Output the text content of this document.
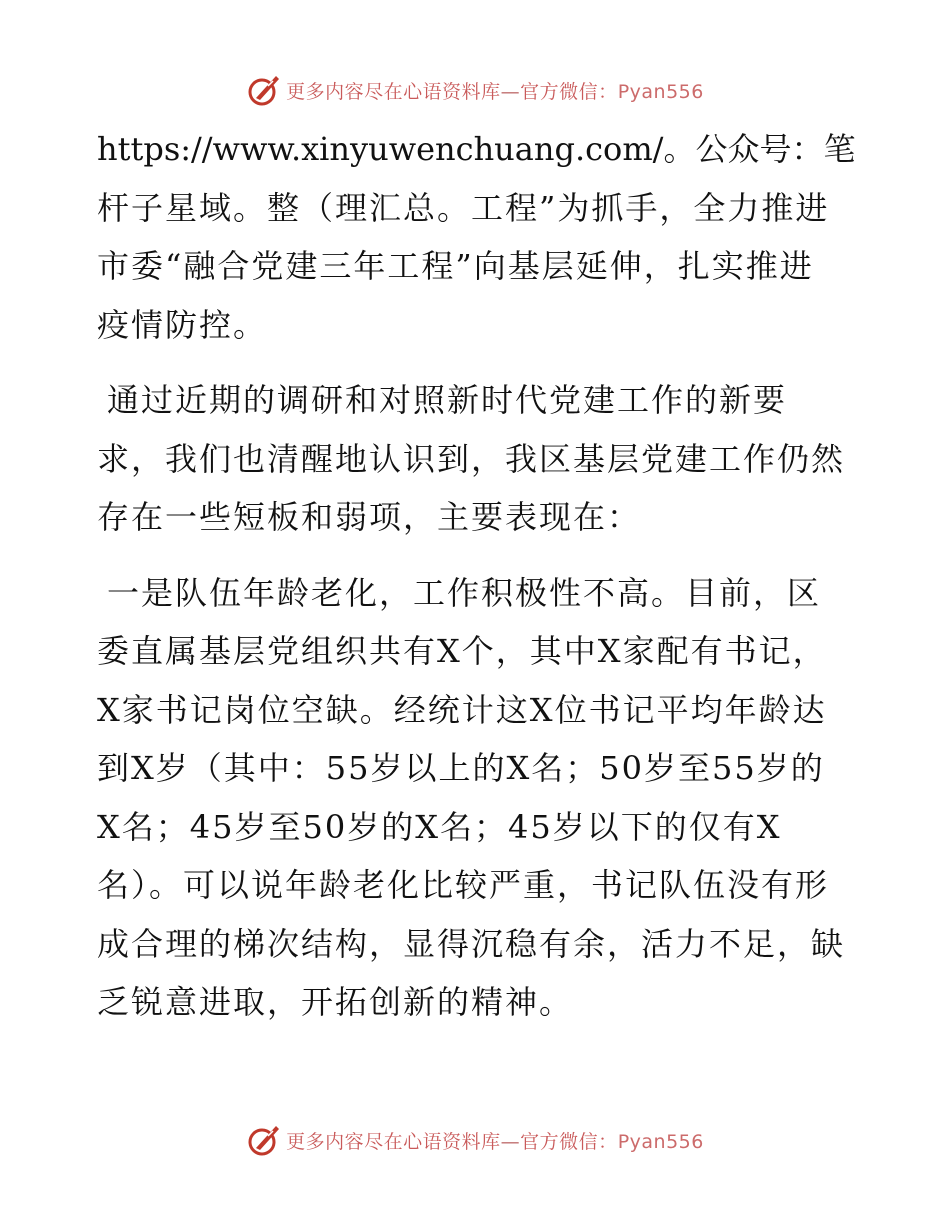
更多内容尽在心语资料库—官方微信：Pyan556

https://www.xinyuwenchuang.com/。公众号：笔
杆子星域。整（理汇总。工程”为抓手，全力推进
市委“融合党建三年工程”向基层延伸，扎实推进
疫情防控。

通过近期的调研和对照新时代党建工作的新要
求，我们也清醒地认识到，我区基层党建工作仍然
存在一些短板和弱项，主要表现在：

一是队伍年龄老化，工作积极性不高。目前，区
委直属基层党组织共有X个，其中X家配有书记，
X家书记岗位空缺。经统计这X位书记平均年龄达
到X岁（其中：55岁以上的X名；50岁至55岁的
X名；45岁至50岁的X名；45岁以下的仅有X
名）。可以说年龄老化比较严重，书记队伍没有形
成合理的梯次结构，显得沉稳有余，活力不足，缺
乏锐意进取，开拓创新的精神。

更多内容尽在心语资料库—官方微信：Pyan556
